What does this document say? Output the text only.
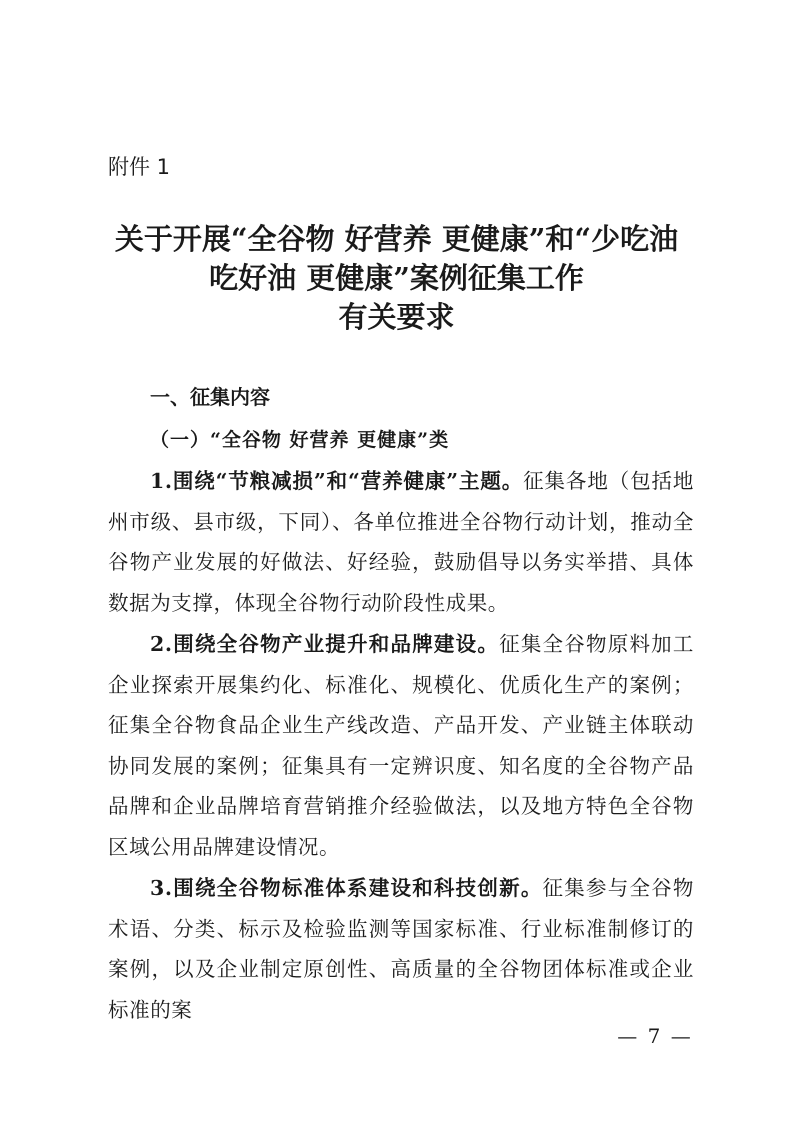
附件 1

关于开展“全谷物 好营养 更健康”和“少吃油
吃好油 更健康”案例征集工作
有关要求
一、征集内容
（一）“全谷物 好营养 更健康”类

1.围绕“节粮减损”和“营养健康”主题。征集各地（包括地州市级、县市级，下同）、各单位推进全谷物行动计划，推动全谷物产业发展的好做法、好经验，鼓励倡导以务实举措、具体数据为支撑，体现全谷物行动阶段性成果。

2.围绕全谷物产业提升和品牌建设。征集全谷物原料加工企业探索开展集约化、标准化、规模化、优质化生产的案例；征集全谷物食品企业生产线改造、产品开发、产业链主体联动协同发展的案例；征集具有一定辨识度、知名度的全谷物产品品牌和企业品牌培育营销推介经验做法，以及地方特色全谷物区域公用品牌建设情况。

3.围绕全谷物标准体系建设和科技创新。征集参与全谷物术语、分类、标示及检验监测等国家标准、行业标准制修订的案例，以及企业制定原创性、高质量的全谷物团体标准或企业标准的案

— 7 —
